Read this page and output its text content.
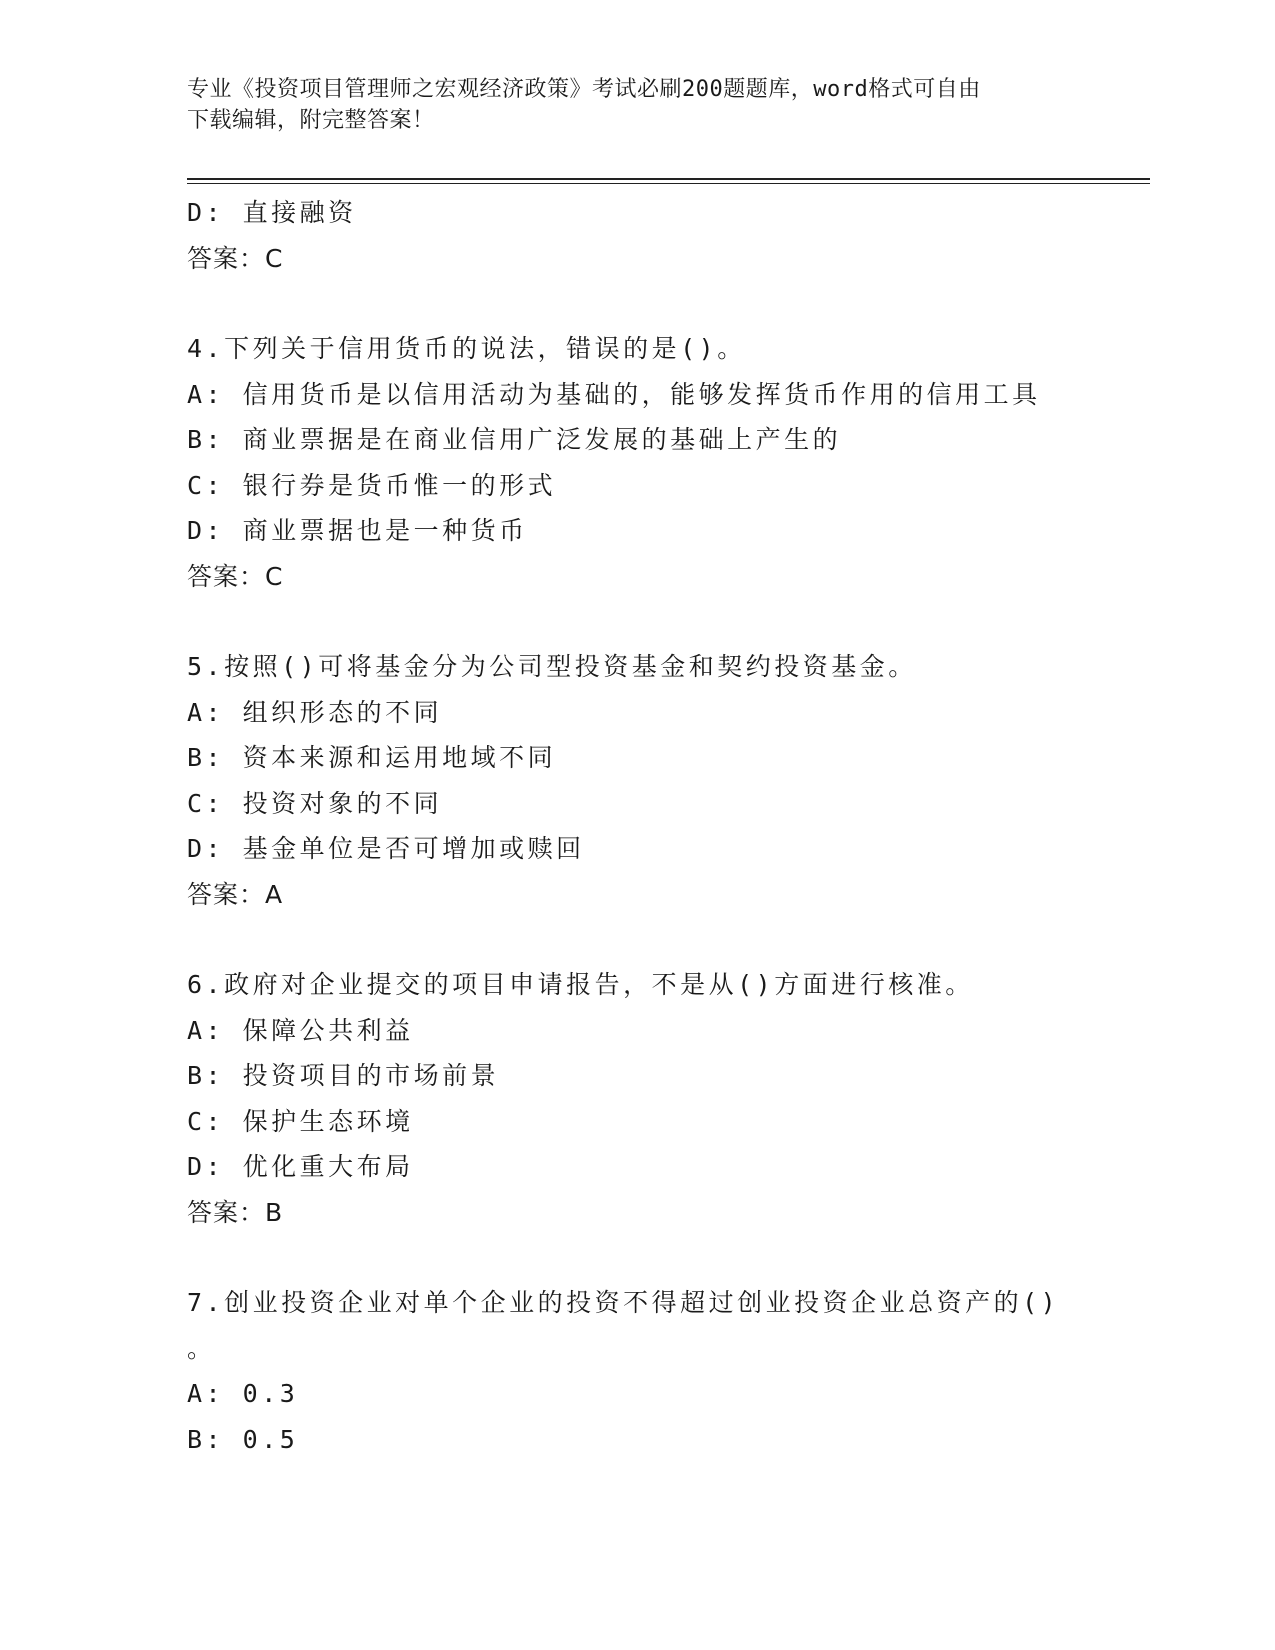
专业《投资项目管理师之宏观经济政策》考试必刷200题题库，word格式可自由
下载编辑，附完整答案！
D: 直接融资
答案：C
4.下列关于信用货币的说法，错误的是()。
A: 信用货币是以信用活动为基础的，能够发挥货币作用的信用工具
B: 商业票据是在商业信用广泛发展的基础上产生的
C: 银行券是货币惟一的形式
D: 商业票据也是一种货币
答案：C
5.按照()可将基金分为公司型投资基金和契约投资基金。
A: 组织形态的不同
B: 资本来源和运用地域不同
C: 投资对象的不同
D: 基金单位是否可增加或赎回
答案：A
6.政府对企业提交的项目申请报告，不是从()方面进行核准。
A: 保障公共利益
B: 投资项目的市场前景
C: 保护生态环境
D: 优化重大布局
答案：B
7.创业投资企业对单个企业的投资不得超过创业投资企业总资产的()
。
A: 0.3
B: 0.5
